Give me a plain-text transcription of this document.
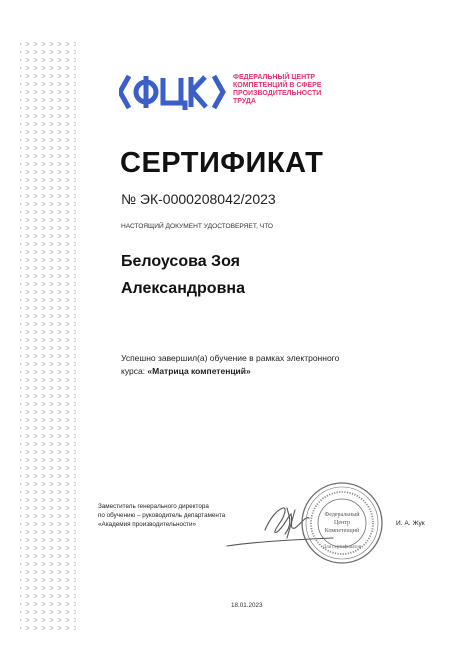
ФЕДЕРАЛЬНЫЙ ЦЕНТР
КОМПЕТЕНЦИЙ В СФЕРЕ
ПРОИЗВОДИТЕЛЬНОСТИ
ТРУДА
СЕРТИФИКАТ
№ ЭК-0000208042/2023
НАСТОЯЩИЙ ДОКУМЕНТ УДОСТОВЕРЯЕТ, ЧТО
Белоусова Зоя
Александровна
Успешно завершил(а) обучение в рамках электронного
курса: «Матрица компетенций»
Заместитель генерального директора
по обучению – руководитель департамента
«Академия производительности»
Федеральный
Центр
Компетенций
Для сертификатов
И. А. Жук
18.01.2023
